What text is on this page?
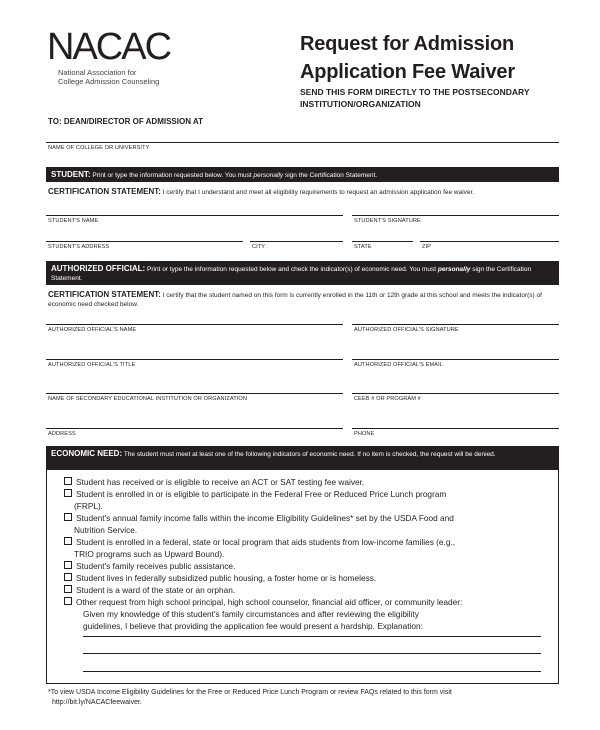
NACAC
National Association for
College Admission Counseling
Request for Admission
Application Fee Waiver
SEND THIS FORM DIRECTLY TO THE POSTSECONDARY
INSTITUTION/ORGANIZATION
TO: DEAN/DIRECTOR OF ADMISSION AT
NAME OF COLLEGE OR UNIVERSITY
STUDENT: Print or type the information requested below. You must personally sign the Certification Statement.
CERTIFICATION STATEMENT: I certify that I understand and meet all eligibility requirements to request an admission application fee waiver.
STUDENT'S NAME	STUDENT'S SIGNATURE
STUDENT'S ADDRESS	CITY	STATE	ZIP
AUTHORIZED OFFICIAL: Print or type the information requested below and check the indicator(s) of economic need. You must personally sign the Certification Statement.
CERTIFICATION STATEMENT: I certify that the student named on this form is currently enrolled in the 11th or 12th grade at this school and meets the indicator(s) of economic need checked below.
AUTHORIZED OFFICIAL'S NAME	AUTHORIZED OFFICIAL'S SIGNATURE
AUTHORIZED OFFICIAL'S TITLE	AUTHORIZED OFFICIAL'S EMAIL
NAME OF SECONDARY EDUCATIONAL INSTITUTION OR ORGANIZATION	CEEB # OR PROGRAM #
ADDRESS	PHONE
ECONOMIC NEED: The student must meet at least one of the following indicators of economic need. If no item is checked, the request will be denied.
Student has received or is eligible to receive an ACT or SAT testing fee waiver.
Student is enrolled in or is eligible to participate in the Federal Free or Reduced Price Lunch program
(FRPL).
Student's annual family income falls within the income Eligibility Guidelines* set by the USDA Food and
Nutrition Service.
Student is enrolled in a federal, state or local program that aids students from low-income families (e.g.,
TRIO programs such as Upward Bound).
Student's family receives public assistance.
Student lives in federally subsidized public housing, a foster home or is homeless.
Student is a ward of the state or an orphan.
Other request from high school principal, high school counselor, financial aid officer, or community leader:
Given my knowledge of this student's family circumstances and after reviewing the eligibility
guidelines, I believe that providing the application fee would present a hardship. Explanation:
*To view USDA Income Eligibility Guidelines for the Free or Reduced Price Lunch Program or review FAQs related to this form visit
http://bit.ly/NACACfeewaiver.
